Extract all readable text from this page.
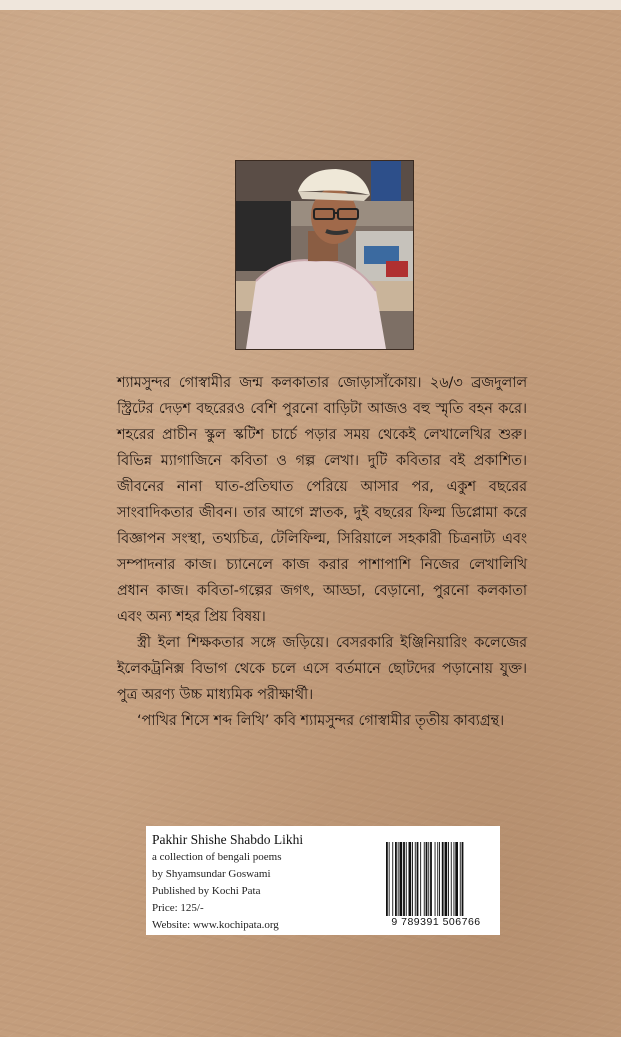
শ্যামসুন্দর গোস্বামীর জন্ম কলকাতার জোড়াসাঁকোয়। ২৬/৩ ব্রজদুলাল স্ট্রিটের দেড়শ বছরেরও বেশি পুরনো বাড়িটা আজও বহু স্মৃতি বহন করে। শহরের প্রাচীন স্কুল স্কটিশ চার্চে পড়ার সময় থেকেই লেখালেখির শুরু। বিভিন্ন ম্যাগাজিনে কবিতা ও গল্প লেখা। দুটি কবিতার বই প্রকাশিত। জীবনের নানা ঘাত-প্রতিঘাত পেরিয়ে আসার পর, একুশ বছরের সাংবাদিকতার জীবন। তার আগে স্নাতক, দুই বছরের ফিল্ম ডিপ্লোমা করে বিজ্ঞাপন সংস্থা, তথ্যচিত্র, টেলিফিল্ম, সিরিয়ালে সহকারী চিত্রনাট্য এবং সম্পাদনার কাজ। চ্যানেলে কাজ করার পাশাপাশি নিজের লেখালিখি প্রধান কাজ। কবিতা-গল্পের জগৎ, আড্ডা, বেড়ানো, পুরনো কলকাতা এবং অন্য শহর প্রিয় বিষয়।

স্ত্রী ইলা শিক্ষকতার সঙ্গে জড়িয়ে। বেসরকারি ইঞ্জিনিয়ারিং কলেজের ইলেকট্রনিক্স বিভাগ থেকে চলে এসে বর্তমানে ছোটদের পড়ানোয় যুক্ত। পুত্র অরণ্য উচ্চ মাধ্যমিক পরীক্ষার্থী।

‘পাখির শিসে শব্দ লিখি’ কবি শ্যামসুন্দর গোস্বামীর তৃতীয় কাব্যগ্রন্থ।

Pakhir Shishe Shabdo Likhi
a collection of bengali poems
by Shyamsundar Goswami
Published by Kochi Pata
Price: 125/-
Website: www.kochipata.org	9 789391 506766
